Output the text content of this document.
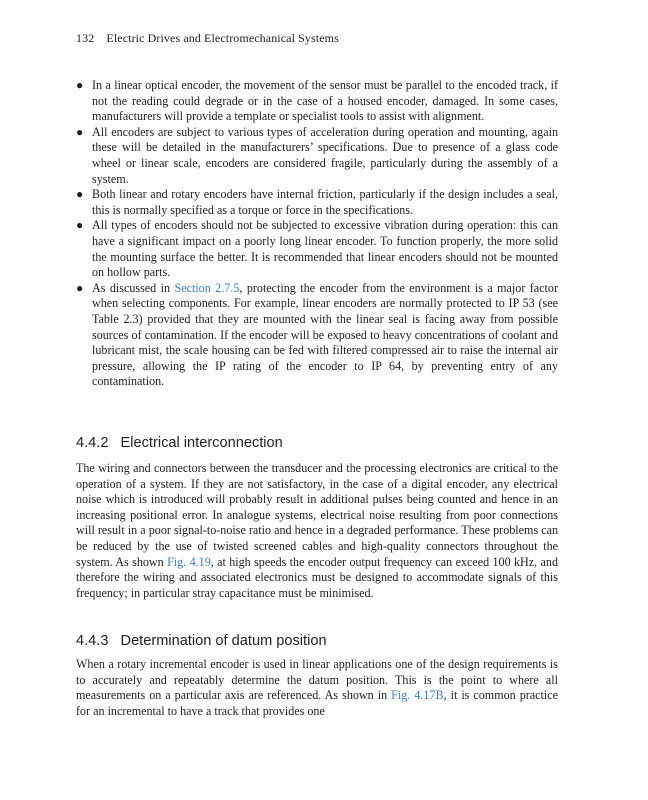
132 Electric Drives and Electromechanical Systems
● In a linear optical encoder, the movement of the sensor must be parallel to the encoded track, if not the reading could degrade or in the case of a housed encoder, damaged. In some cases, manufacturers will provide a template or specialist tools to assist with alignment.
● All encoders are subject to various types of acceleration during operation and mounting, again these will be detailed in the manufacturers’ specifications. Due to presence of a glass code wheel or linear scale, encoders are considered fragile, particularly during the assembly of a system.
● Both linear and rotary encoders have internal friction, particularly if the design includes a seal, this is normally specified as a torque or force in the specifications.
● All types of encoders should not be subjected to excessive vibration during operation: this can have a significant impact on a poorly long linear encoder. To function properly, the more solid the mounting surface the better. It is recommended that linear encoders should not be mounted on hollow parts.
● As discussed in Section 2.7.5, protecting the encoder from the environment is a major factor when selecting components. For example, linear encoders are normally protected to IP 53 (see Table 2.3) provided that they are mounted with the linear seal is facing away from possible sources of contamination. If the encoder will be exposed to heavy concentrations of coolant and lubricant mist, the scale housing can be fed with filtered compressed air to raise the internal air pressure, allowing the IP rating of the encoder to IP 64, by preventing entry of any contamination.
4.4.2 Electrical interconnection

The wiring and connectors between the transducer and the processing electronics are critical to the operation of a system. If they are not satisfactory, in the case of a digital encoder, any electrical noise which is introduced will probably result in additional pulses being counted and hence in an increasing positional error. In analogue systems, electrical noise resulting from poor connections will result in a poor signal-to-noise ratio and hence in a degraded performance. These problems can be reduced by the use of twisted screened cables and high-quality connectors throughout the system. As shown Fig. 4.19, at high speeds the encoder output frequency can exceed 100 kHz, and therefore the wiring and associated electronics must be designed to accommodate signals of this frequency; in particular stray capacitance must be minimised.

4.4.3 Determination of datum position

When a rotary incremental encoder is used in linear applications one of the design requirements is to accurately and repeatably determine the datum position. This is the point to where all measurements on a particular axis are referenced. As shown in Fig. 4.17B, it is common practice for an incremental to have a track that provides one
